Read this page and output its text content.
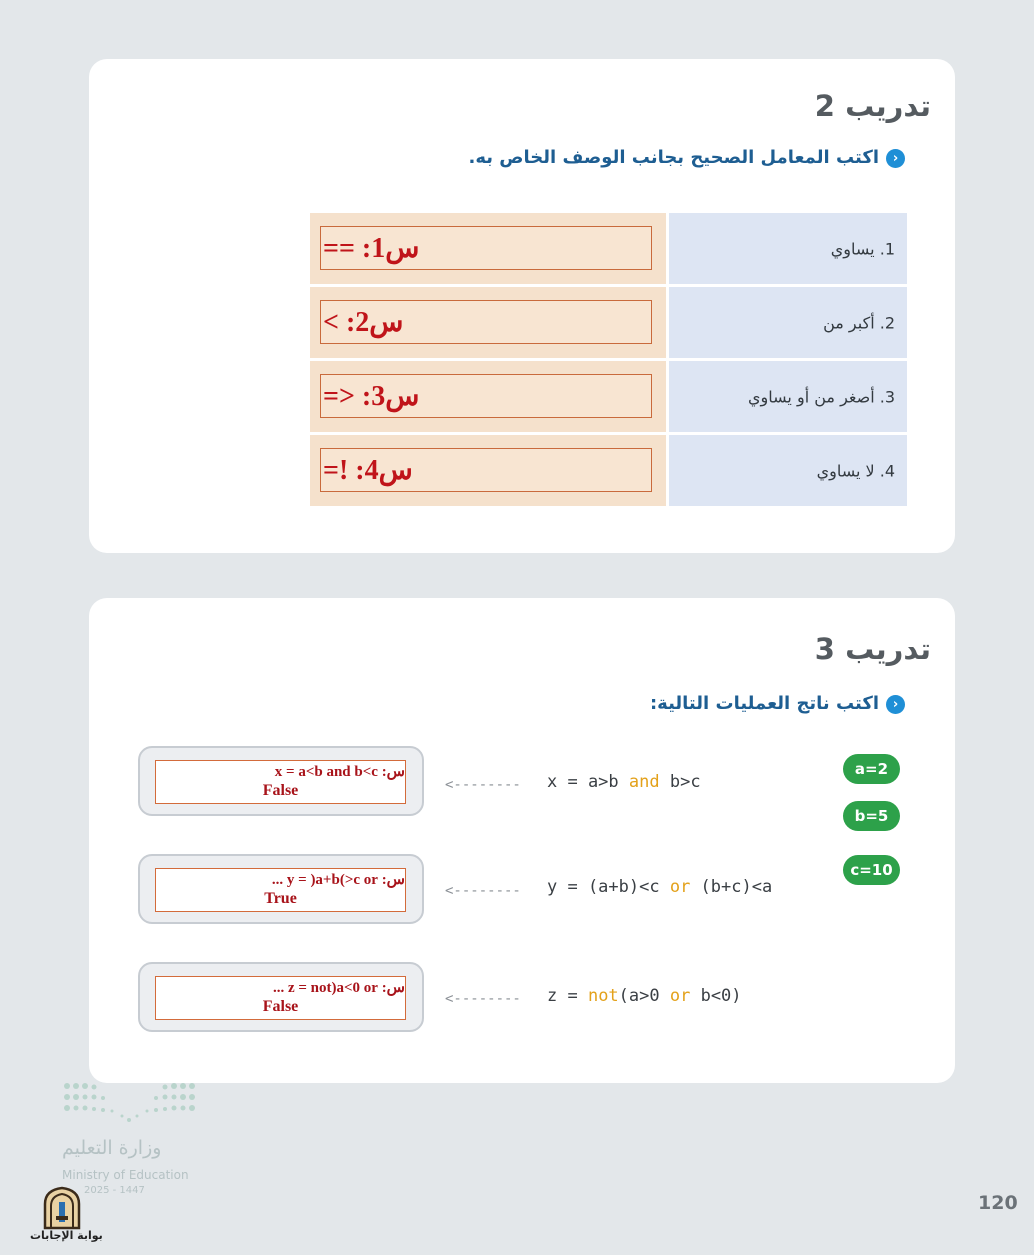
تدريب 2
‹
اكتب المعامل الصحيح بجانب الوصف الخاص به.
س1: ==	1. يساوي
س2: >	2. أكبر من
س3: <=	3. أصغر من أو يساوي
س4: !=	4. لا يساوي
تدريب 3
‹
اكتب ناتج العمليات التالية:
a=2
b=5
c=10
س: x = a<b and b<c
False	<-------- x = a>b and b>c
س: y = )a+b(>c or ...
True	<-------- y = (a+b)<c or (b+c)<a
س: z = not)a<0 or ...
False	<-------- z = not(a>0 or b<0)
وزارة التعليم
Ministry of Education
2025 - 1447
بوابة الإجابات
120
